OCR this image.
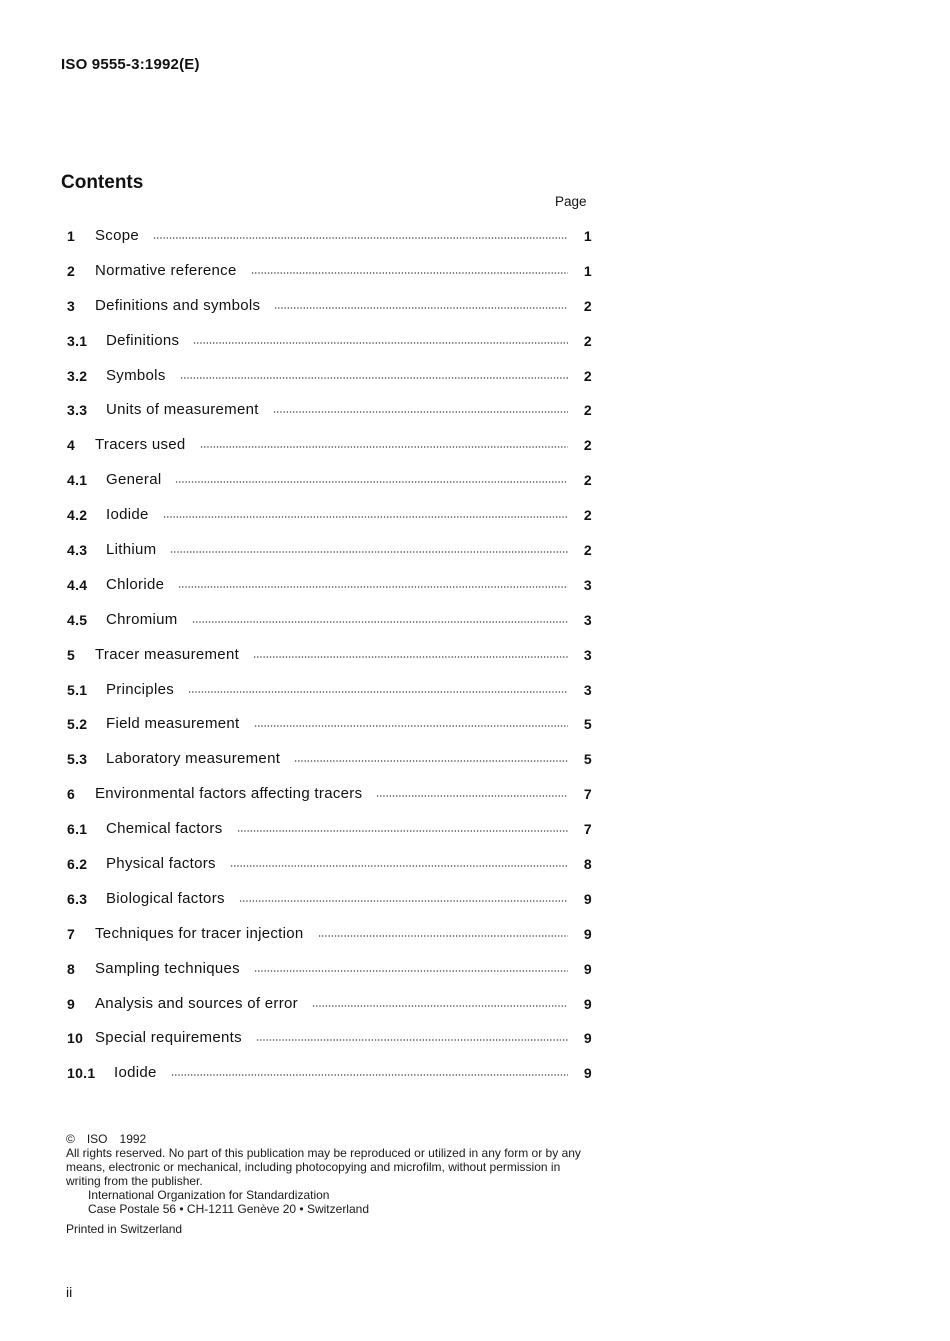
ISO 9555-3:1992(E)
Contents
Page
1	Scope	1
2	Normative reference	1
3	Definitions and symbols	2
3.1	Definitions	2
3.2	Symbols	2
3.3	Units of measurement	2
4	Tracers used	2
4.1	General	2
4.2	Iodide	2
4.3	Lithium	2
4.4	Chloride	3
4.5	Chromium	3
5	Tracer measurement	3
5.1	Principles	3
5.2	Field measurement	5
5.3	Laboratory measurement	5
6	Environmental factors affecting tracers	7
6.1	Chemical factors	7
6.2	Physical factors	8
6.3	Biological factors	9
7	Techniques for tracer injection	9
8	Sampling techniques	9
9	Analysis and sources of error	9
10 Special requirements	9
10.1	Iodide	9
© ISO 1992
All rights reserved. No part of this publication may be reproduced or utilized in any form or by any means, electronic or mechanical, including photocopying and microfilm, without permission in writing from the publisher.
International Organization for Standardization
Case Postale 56 • CH-1211 Genève 20 • Switzerland
Printed in Switzerland
ii
